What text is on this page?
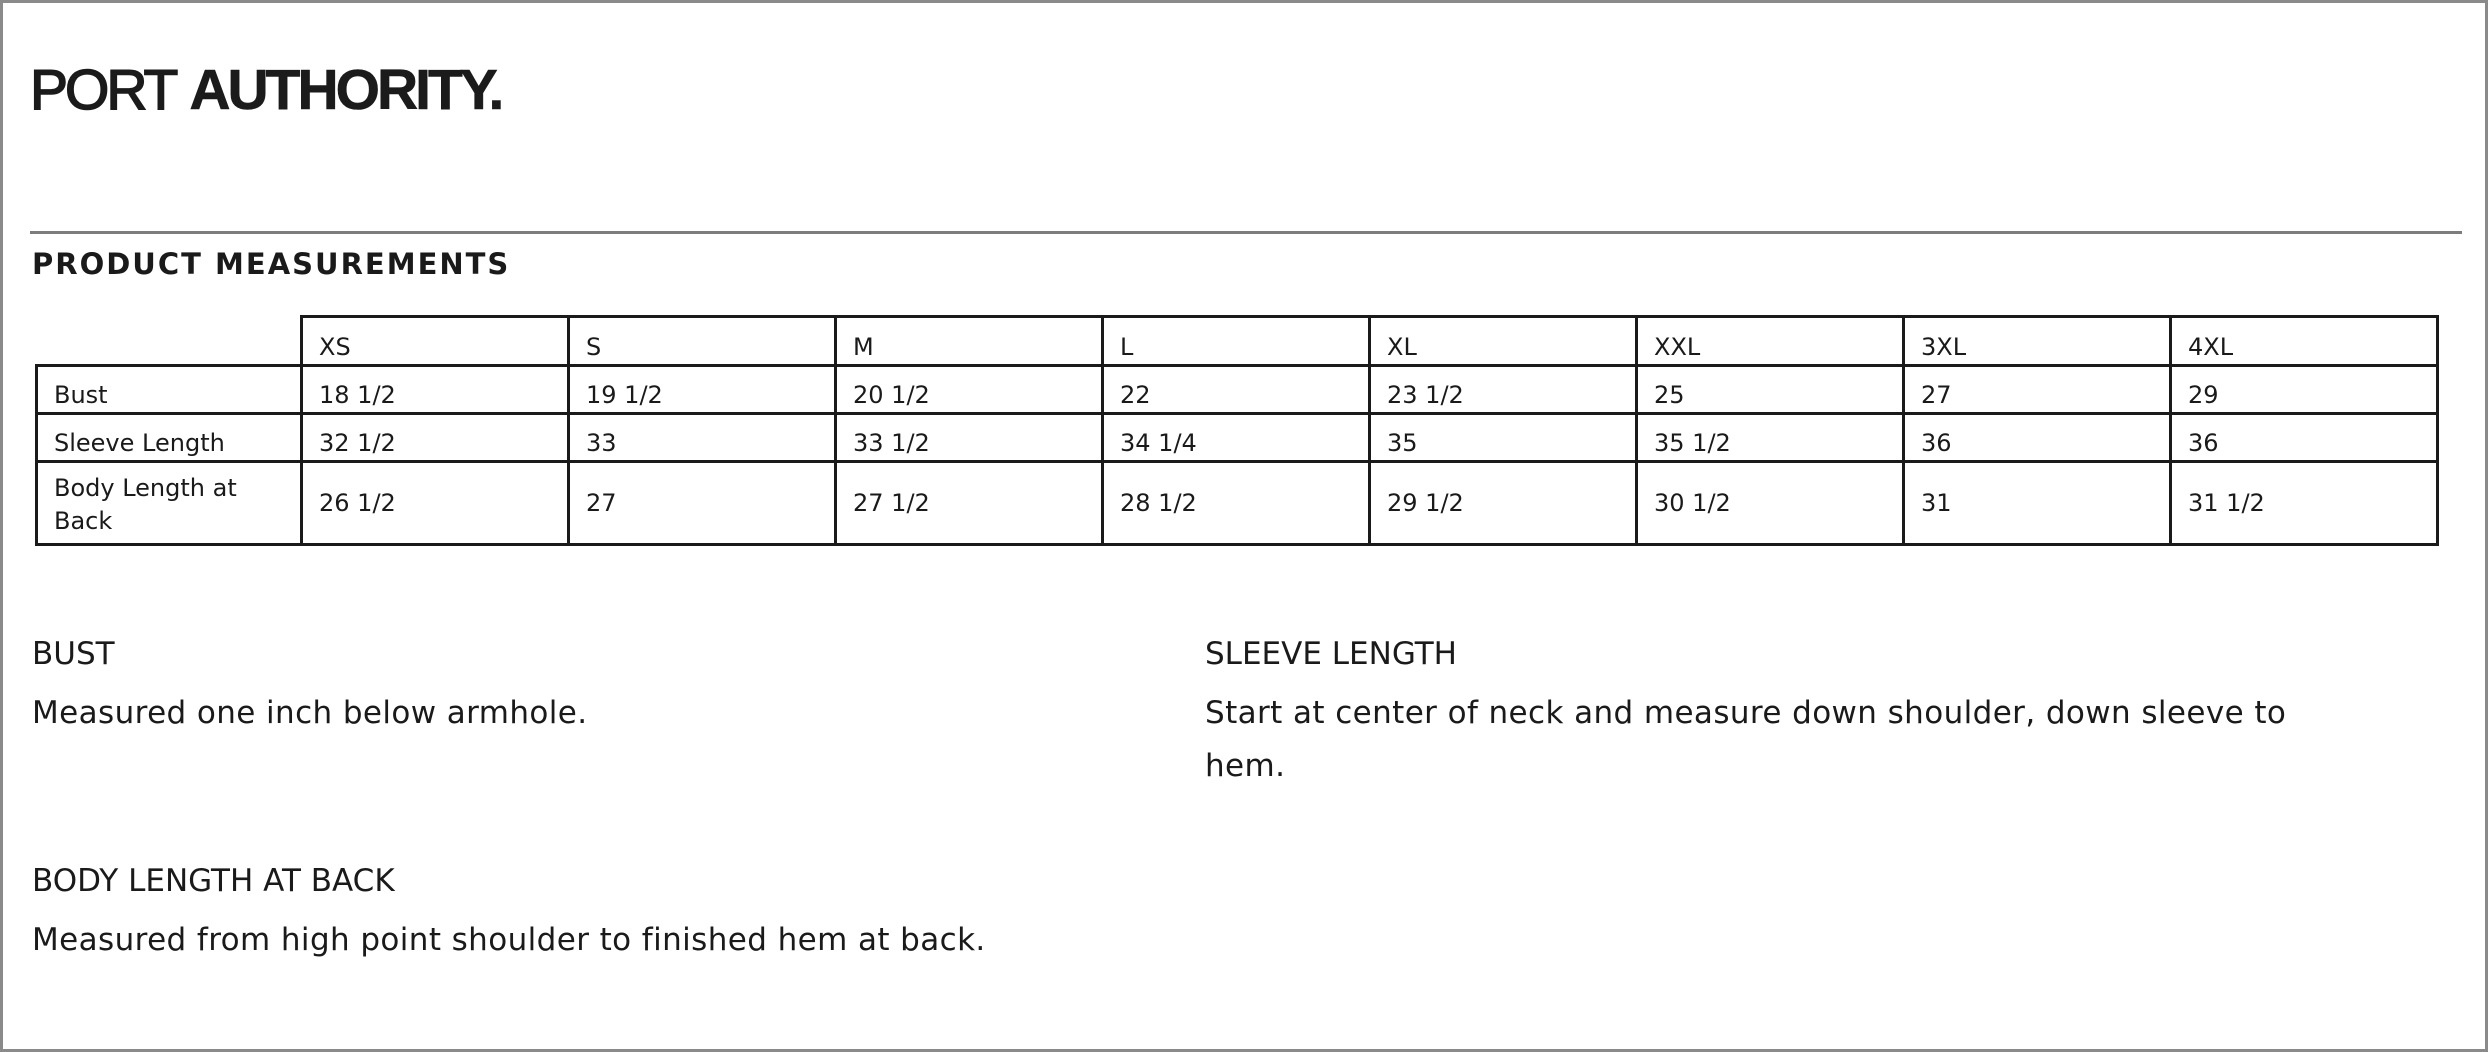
PORT AUTHORITY.
PRODUCT MEASUREMENTS
	XS	S	M	L	XL	XXL	3XL	4XL
Bust	18 1/2	19 1/2	20 1/2	22	23 1/2	25	27	29
Sleeve Length	32 1/2	33	33 1/2	34 1/4	35	35 1/2	36	36
Body Length at Back	26 1/2	27	27 1/2	28 1/2	29 1/2	30 1/2	31	31 1/2
BUST
Measured one inch below armhole.
SLEEVE LENGTH
Start at center of neck and measure down shoulder, down sleeve to hem.
BODY LENGTH AT BACK
Measured from high point shoulder to finished hem at back.
